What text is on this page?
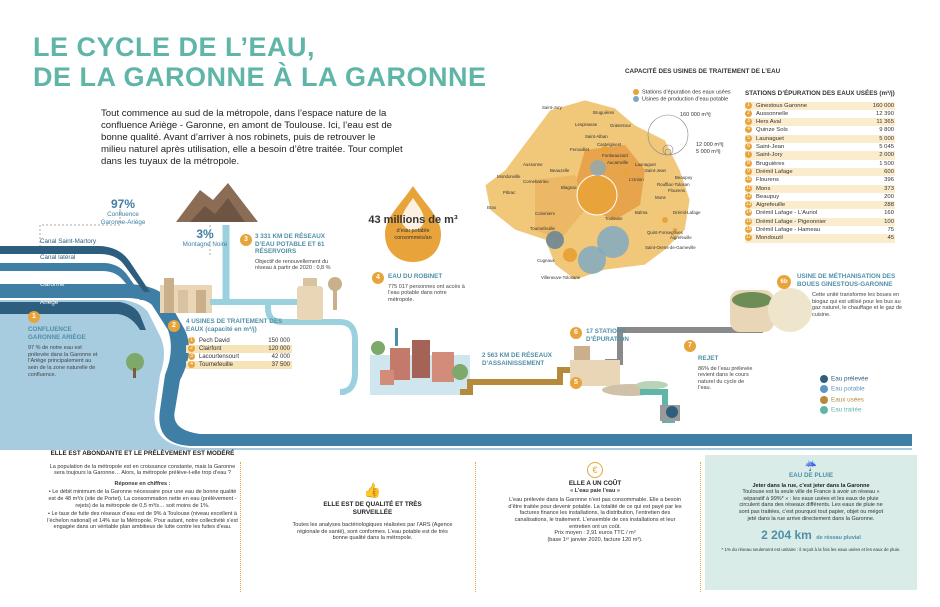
LE CYCLE DE L’EAU,
DE LA GARONNE À LA GARONNE
Tout commence au sud de la métropole, dans l’espace nature de la confluence Ariège - Garonne, en amont de Toulouse. Ici, l’eau est de bonne qualité. Avant d’arriver à nos robinets, puis de retrouver le milieu naturel après utilisation, elle a besoin d’être traitée. Tour complet dans les tuyaux de la métropole.
97%
Confluence Garonne-Ariège
3%
Montagne Noire
Canal Saint-Martory
Canal latéral
Garonne
Ariège
1
CONFLUENCE GARONNE ARIÈGE
97 % de notre eau est prélevée dans la Garonne et l’Ariège principalement au sein de la zone naturelle de confluence.
2
4 USINES DE TRAITEMENT DES EAUX (capacité en m³/j)
1 Pech David	150 000
2 Clairfont	120 000
3 Lacourtensourt	42 000
4 Tournefeuille	37 500
3	3 331 KM DE RÉSEAUX D’EAU POTABLE ET 61 RÉSERVOIRS
Objectif de renouvellement du réseau à partir de 2020 : 0,8 %
43 millions de m³
d’eau potable consommés/an
4	EAU DU ROBINET
775 017 personnes ont accès à l’eau potable dans notre métropole.
2 563 KM DE RÉSEAUX D’ASSAINISSEMENT
5
6	17 STATIONS D’ÉPURATION
6b
USINE DE MÉTHANISATION DES BOUES GINESTOUS-GARONNE
Cette unité transforme les boues en biogaz qui est utilisé pour les bus au gaz naturel, le chauffage et le gaz de cuisine.
REJET
86% de l’eau prélevée revient dans le cours naturel du cycle de l’eau.
7
Eau prélevée
Eau potable
Eaux usées
Eau traitée
CAPACITÉ DES USINES DE TRAITEMENT DE L’EAU
Stations d’épuration des eaux usées
Usines de production d’eau potable
160 000 m³/j
12 000 m³/j
5 000 m³/j
Saint-Jory
Bruguières
Lespinasse	Gratentour
Saint-Alban
Castelginest
Fenouillet
Fonbeauzard
Aucamville Launaguet
Beauzelle
Aussonne
Mondonville
Cornebarrieu	L’Union
Saint-Jean
Blagnac
Pibrac
Rouffiac-Tolosan
Mons
Flourens
Brax
Toulouse
Colomiers	Balma	Drémil-Lafage
Tournefeuille
Quint-Fonsegrives
Saint-Orens-de-Gameville
Cugnaux
Villeneuve-Tolosane
Aigrefeuille
Beaupuy
STATIONS D’ÉPURATION DES EAUX USÉES (m³/j)
1 Ginestous Garonne	160 000
2 Aussonnelle	12 390
3 Hers Aval	11 365
4 Quinze Sols	9 800
5 Launaguet	5 000
6 Saint-Jean	5 045
7 Saint-Jory	2 000
8 Bruguières	1 500
9 Drémil Lafage	600
10 Flourens	396
11 Mons	373
12 Beaupuy	200
13 Aigrefeuille	288
14 Drémil Lafage - L’Auriol	160
15 Drémil Lafage - Pigeonnier	100
16 Drémil Lafage - Hameau	75
17 Mondouzil	45
ELLE EST ABONDANTE ET LE PRÉLÈVEMENT EST MODÉRÉ
La population de la métropole est en croissance constante, mais la Garonne sera toujours la Garonne… Alors, la métropole prélève-t-elle trop d’eau ?
Réponse en chiffres :
• Le débit minimum de la Garonne nécessaire pour une eau de bonne qualité est de 48 m³/s (site de Portet). La consommation nette en eau (prélèvement - rejets) de la métropole de 0,5 m³/s… soit moins de 1%.
• Le taux de fuite des réseaux d’eau est de 9% à Toulouse (niveau excellent à l’échelon national) et 14% sur la Métropole. Pour autant, notre collectivité s’est engagée dans un véritable plan ambitieux de lutte contre les fuites d’eau.
👍
ELLE EST DE QUALITÉ ET TRÈS SURVEILLÉE
Toutes les analyses bactériologiques réalisées par l’ARS (Agence régionale de santé), sont conformes. L’eau potable est de très bonne qualité dans la métropole.
€
ELLE A UN COÛT
« L’eau paie l’eau »
L’eau prélevée dans la Garonne n’est pas consommable. Elle a besoin d’être traitée pour devenir potable. La totalité de ce qui est payé par les factures finance les installations, la distribution, l’entretien des canalisations, le traitement. L’ensemble de ces installations et leur entretien ont un coût.
Prix moyen : 2,91 euros TTC / m³
(base 1ᵉʳ janvier 2020, facture 120 m³).
☔
EAU DE PLUIE
Jeter dans la rue, c’est jeter dans la Garonne
Toulouse est la seule ville de France à avoir un réseau « séparatif à 99%* » : les eaux usées et les eaux de pluie circulent dans des réseaux différents. Les eaux de pluie ne sont pas traitées, c’est pourquoi tout papier, objet ou mégot jeté dans la rue arrive directement dans la Garonne.
2 204 km de réseau pluvial
* 1% du réseau seulement est unitaire : il reçoit à la fois les eaux usées et les eaux de pluie.
